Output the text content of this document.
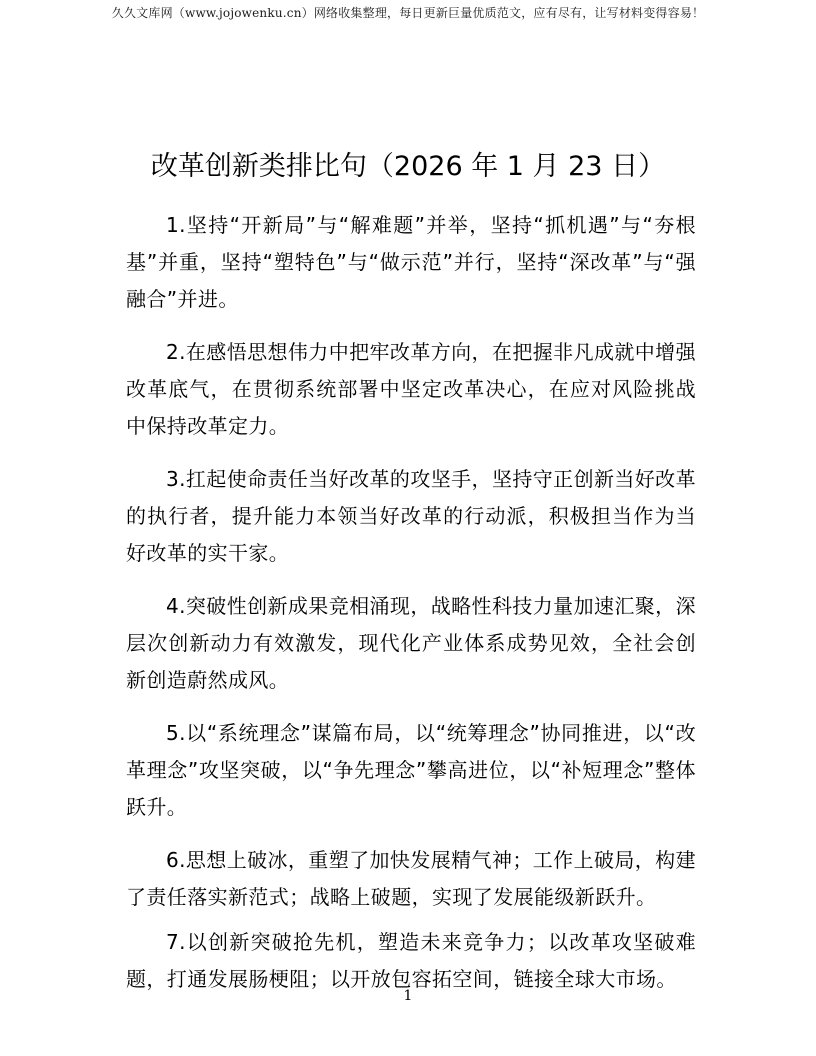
久久文库网（www.jojowenku.cn）网络收集整理，每日更新巨量优质范文，应有尽有，让写材料变得容易！
改革创新类排比句（2026 年 1 月 23 日）

1.坚持“开新局”与“解难题”并举，坚持“抓机遇”与“夯根基”并重，坚持“塑特色”与“做示范”并行，坚持“深改革”与“强融合”并进。

2.在感悟思想伟力中把牢改革方向，在把握非凡成就中增强改革底气，在贯彻系统部署中坚定改革决心，在应对风险挑战中保持改革定力。

3.扛起使命责任当好改革的攻坚手，坚持守正创新当好改革的执行者，提升能力本领当好改革的行动派，积极担当作为当好改革的实干家。

4.突破性创新成果竞相涌现，战略性科技力量加速汇聚，深层次创新动力有效激发，现代化产业体系成势见效，全社会创新创造蔚然成风。

5.以“系统理念”谋篇布局，以“统筹理念”协同推进，以“改革理念”攻坚突破，以“争先理念”攀高进位，以“补短理念”整体跃升。

6.思想上破冰，重塑了加快发展精气神；工作上破局，构建了责任落实新范式；战略上破题，实现了发展能级新跃升。

7.以创新突破抢先机，塑造未来竞争力；以改革攻坚破难题，打通发展肠梗阻；以开放包容拓空间，链接全球大市场。

1
